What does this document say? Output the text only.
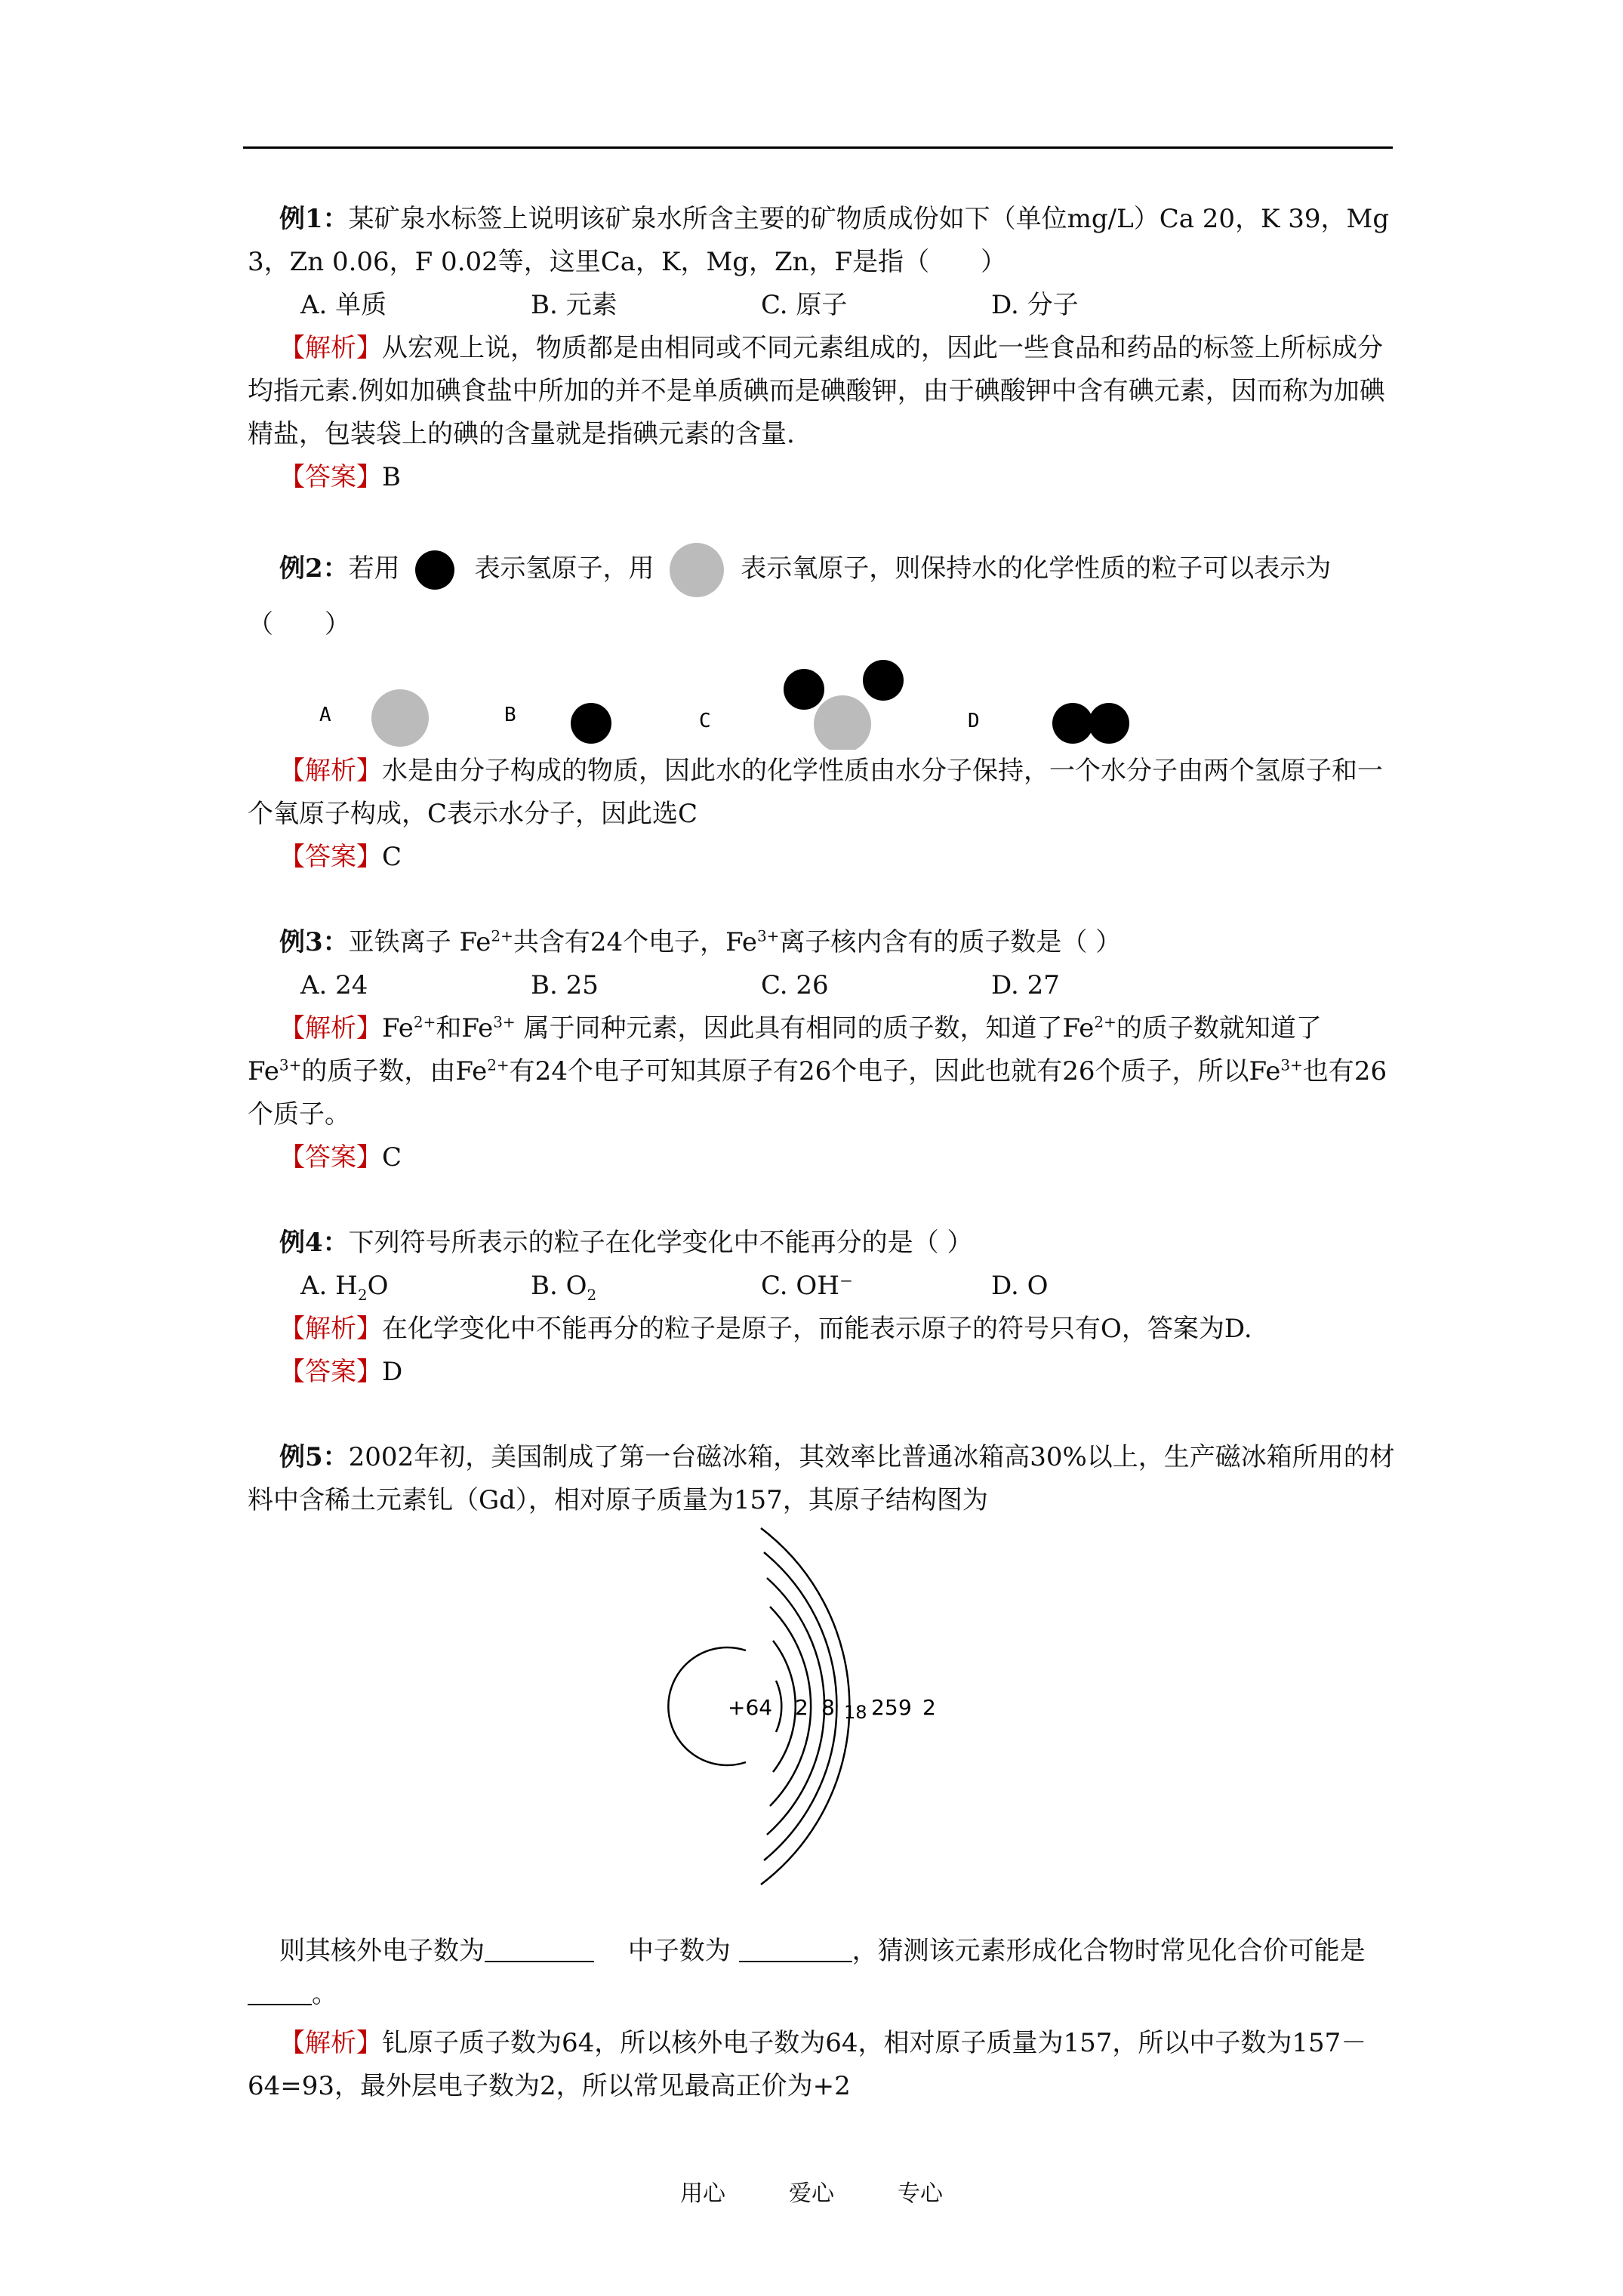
例1：某矿泉水标签上说明该矿泉水所含主要的矿物质成份如下（单位mg/L）Ca 20，K 39，Mg 3，Zn 0.06，F 0.02等，这里Ca，K，Mg，Zn，F是指（　　）
A. 单质	B. 元素	C. 原子	D. 分子
【解析】从宏观上说，物质都是由相同或不同元素组成的，因此一些食品和药品的标签上所标成分均指元素.例如加碘食盐中所加的并不是单质碘而是碘酸钾，由于碘酸钾中含有碘元素，因而称为加碘精盐，包装袋上的碘的含量就是指碘元素的含量.
【答案】B
例2：若用	表示氢原子，用	表示氧原子，则保持水的化学性质的粒子可以表示为（　　）
A	B	C	D
【解析】水是由分子构成的物质，因此水的化学性质由水分子保持，一个水分子由两个氢原子和一个氧原子构成，C表示水分子，因此选C
【答案】C
例3：亚铁离子 $Fe^{2+}$共含有24个电子，$Fe^{3+}$离子核内含有的质子数是（ ）
A. 24	B. 25	C. 26	D. 27
【解析】$Fe^{2+}$和$Fe^{3+}$ 属于同种元素，因此具有相同的质子数，知道了$Fe^{2+}$的质子数就知道了$Fe^{3+}$的质子数，由$Fe^{2+}$有24个电子可知其原子有26个电子，因此也就有26个质子，所以$Fe^{3+}$也有26个质子。
【答案】C
例4：下列符号所表示的粒子在化学变化中不能再分的是（ ）
A. $H_2O$	B. $O_2$	C. OH⁻	D. O
【解析】在化学变化中不能再分的粒子是原子，而能表示原子的符号只有O，答案为D.
【答案】D
例5：2002年初，美国制成了第一台磁冰箱，其效率比普通冰箱高30%以上，生产磁冰箱所用的材料中含稀土元素钆（Gd），相对原子质量为157，其原子结构图为
+64 2 8 18 25 9 2
则其核外电子数为 　	中子数为	，猜测该元素形成化合物时常见化合价可能是。
【解析】钆原子质子数为64，所以核外电子数为64，相对原子质量为157，所以中子数为157－64=93，最外层电子数为2，所以常见最高正价为+2
用心	爱心	专心
